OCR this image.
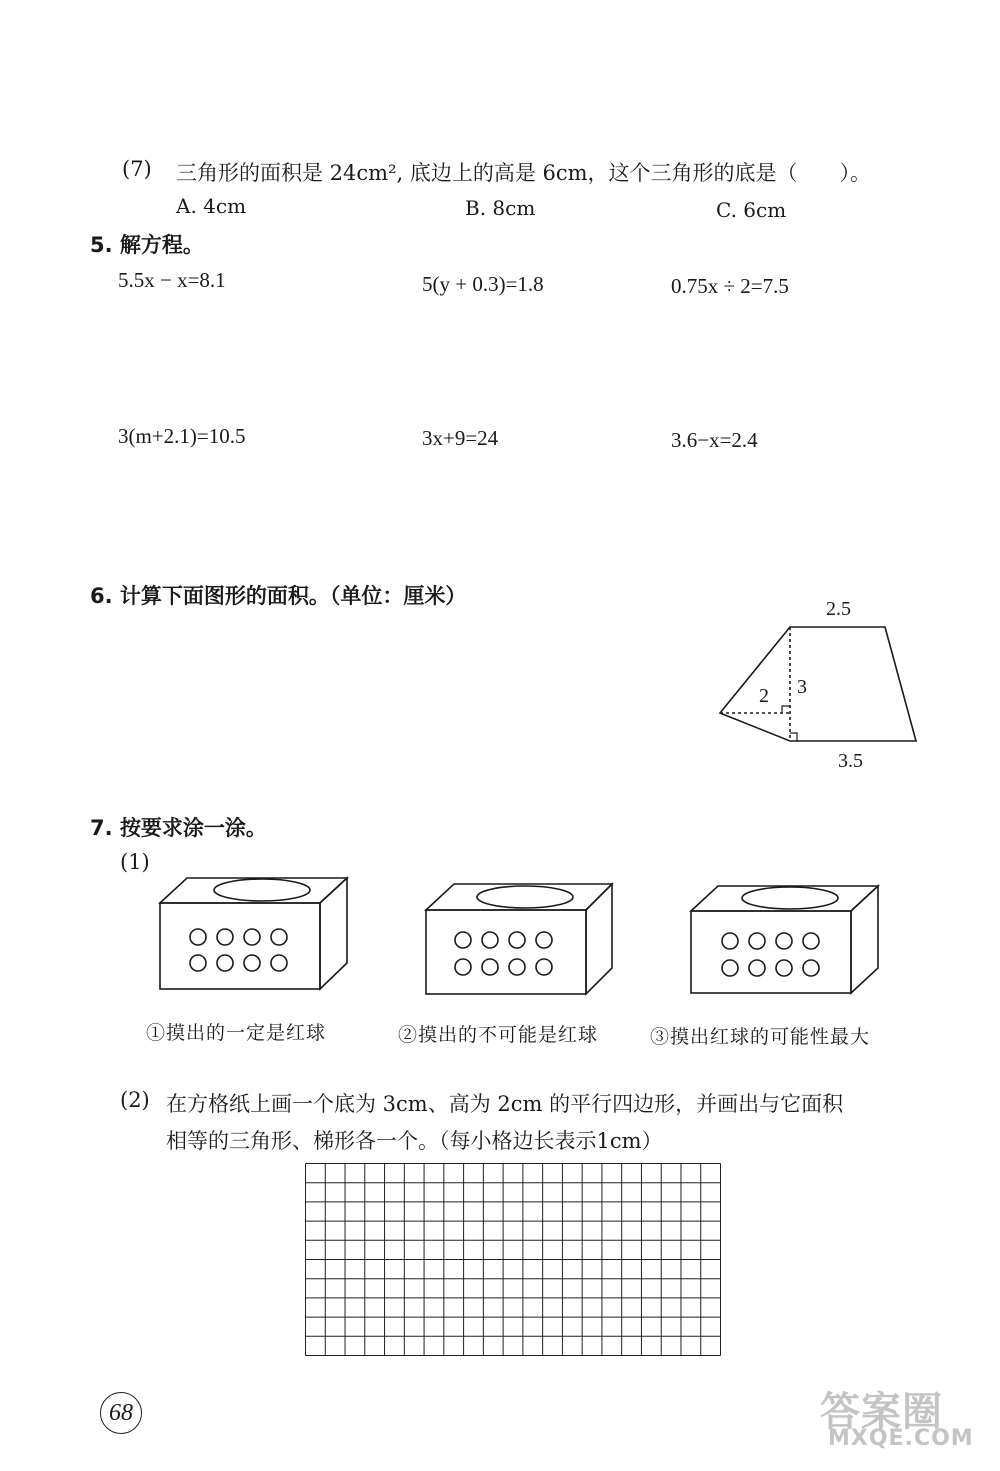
(7) 三角形的面积是 24cm², 底边上的高是 6cm，这个三角形的底是（　　）。
A. 4cm	B. 8cm	C. 6cm
5. 解方程。
5.5x − x=8.1	5(y + 0.3)=1.8	0.75x ÷ 2=7.5
3(m+2.1)=10.5	3x+9=24	3.6−x=2.4
6. 计算下面图形的面积。（单位：厘米）
2.5
3
2
3.5
7. 按要求涂一涂。
(1)
①摸出的一定是红球	②摸出的不可能是红球	③摸出红球的可能性最大
(2) 在方格纸上画一个底为 3cm、高为 2cm 的平行四边形，并画出与它面积
相等的三角形、梯形各一个。（每小格边长表示1cm）
68	答案圈
MXQE.COM
